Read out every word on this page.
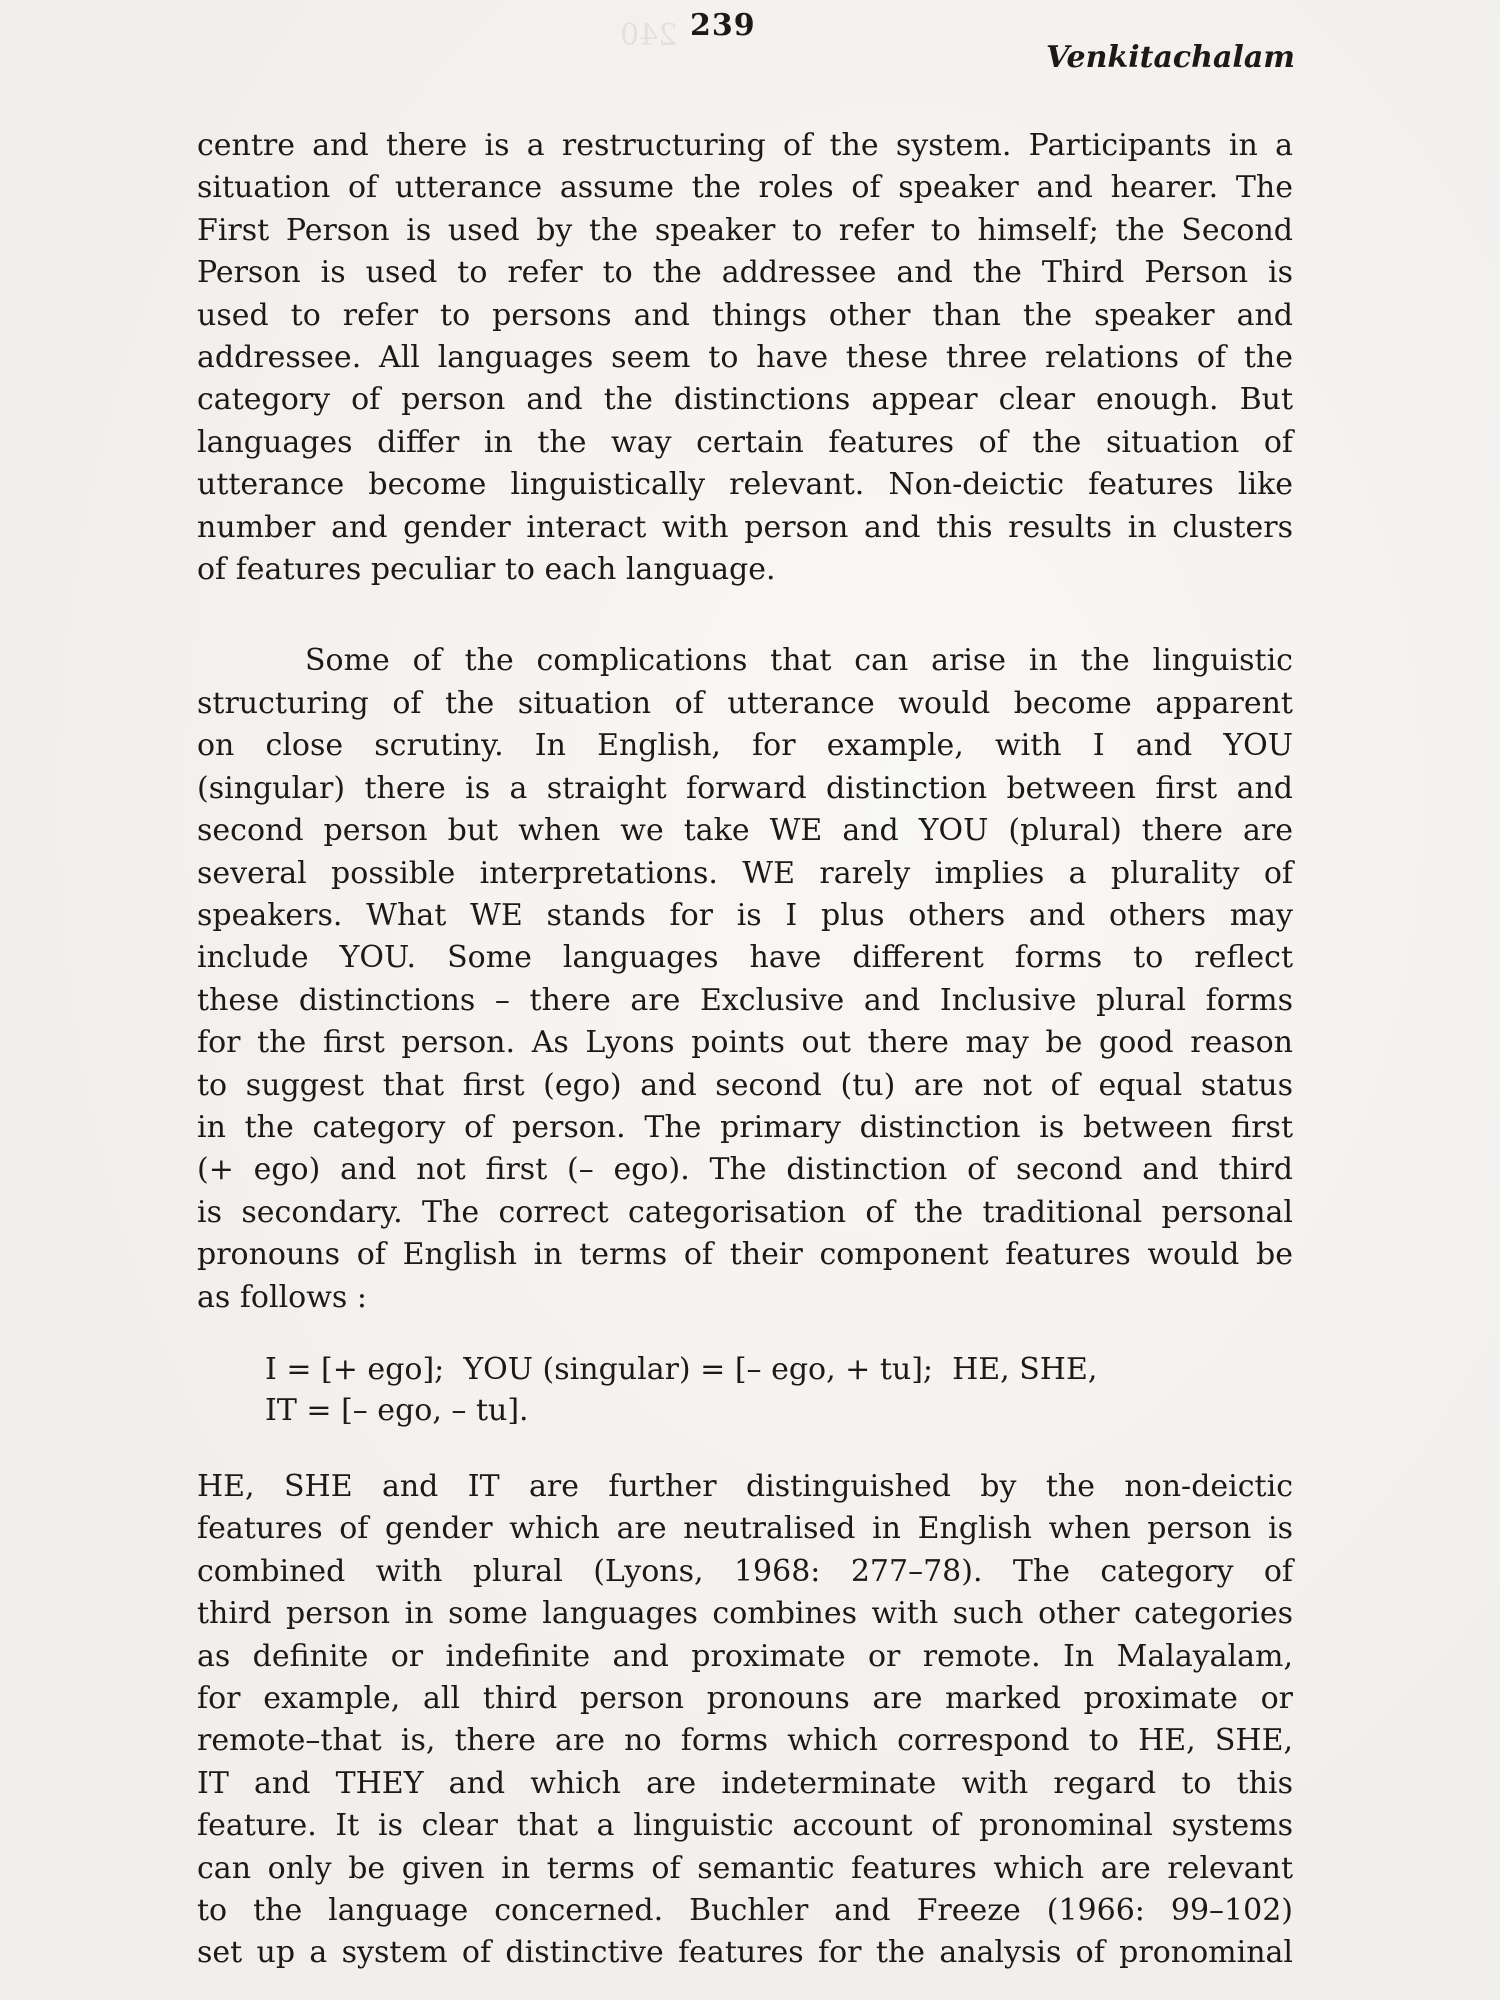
240 239
Venkitachalam
centre and there is a restructuring of the system. Participants in a
situation of utterance assume the roles of speaker and hearer. The
First Person is used by the speaker to refer to himself; the Second
Person is used to refer to the addressee and the Third Person is
used to refer to persons and things other than the speaker and
addressee. All languages seem to have these three relations of the
category of person and the distinctions appear clear enough. But
languages differ in the way certain features of the situation of
utterance become linguistically relevant. Non-deictic features like
number and gender interact with person and this results in clusters
of features peculiar to each language.
Some of the complications that can arise in the linguistic
structuring of the situation of utterance would become apparent
on close scrutiny. In English, for example, with I and YOU
(singular) there is a straight forward distinction between first and
second person but when we take WE and YOU (plural) there are
several possible interpretations. WE rarely implies a plurality of
speakers. What WE stands for is I plus others and others may
include YOU. Some languages have different forms to reflect
these distinctions – there are Exclusive and Inclusive plural forms
for the first person. As Lyons points out there may be good reason
to suggest that first (ego) and second (tu) are not of equal status
in the category of person. The primary distinction is between first
(+ ego) and not first (– ego). The distinction of second and third
is secondary. The correct categorisation of the traditional personal
pronouns of English in terms of their component features would be
as follows :
I = [+ ego];  YOU (singular) = [– ego, + tu];  HE, SHE,
IT = [– ego, – tu].
HE, SHE and IT are further distinguished by the non-deictic
features of gender which are neutralised in English when person is
combined with plural (Lyons, 1968: 277–78). The category of
third person in some languages combines with such other categories
as definite or indefinite and proximate or remote. In Malayalam,
for example, all third person pronouns are marked proximate or
remote–that is, there are no forms which correspond to HE, SHE,
IT and THEY and which are indeterminate with regard to this
feature. It is clear that a linguistic account of pronominal systems
can only be given in terms of semantic features which are relevant
to the language concerned. Buchler and Freeze (1966: 99–102)
set up a system of distinctive features for the analysis of pronominal
